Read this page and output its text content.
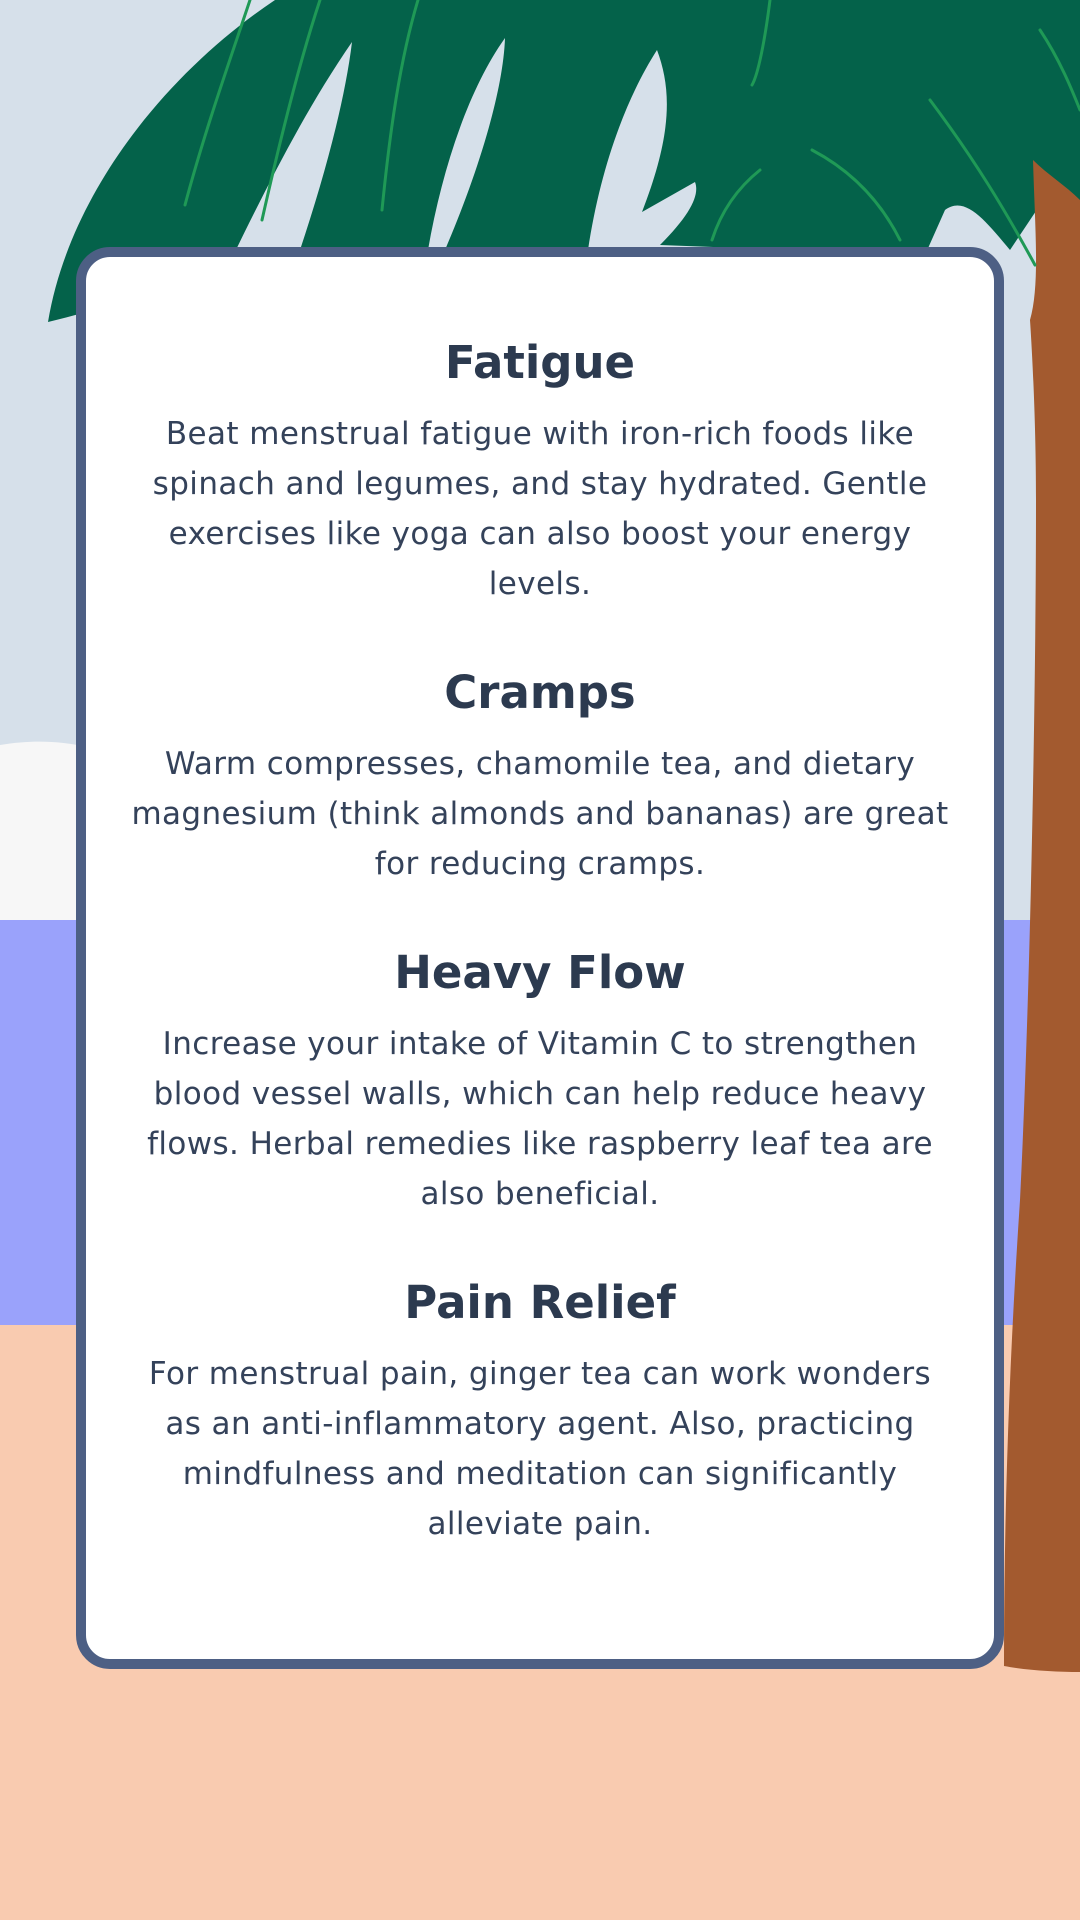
Fatigue

Beat menstrual fatigue with iron-rich foods like spinach and legumes, and stay hydrated. Gentle exercises like yoga can also boost your energy levels.

Cramps

Warm compresses, chamomile tea, and dietary magnesium (think almonds and bananas) are great for reducing cramps.

Heavy Flow

Increase your intake of Vitamin C to strengthen blood vessel walls, which can help reduce heavy flows. Herbal remedies like raspberry leaf tea are also beneficial.

Pain Relief

For menstrual pain, ginger tea can work wonders as an anti-inflammatory agent. Also, practicing mindfulness and meditation can significantly alleviate pain.
